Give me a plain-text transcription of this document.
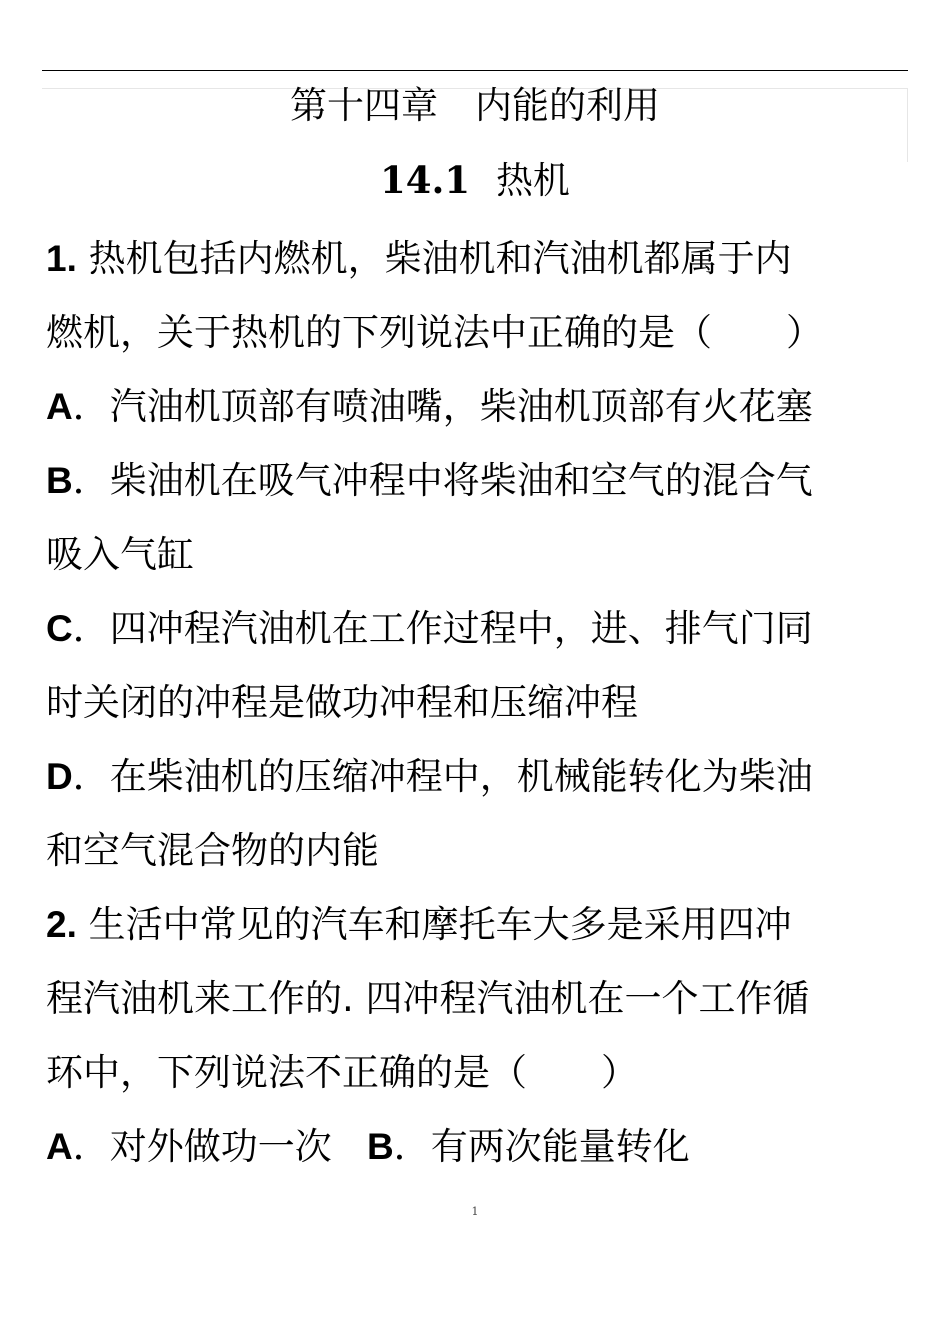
第十四章　内能的利用
14.1 热机
1. 热机包括内燃机，柴油机和汽油机都属于内
燃机，关于热机的下列说法中正确的是（　　）
A．汽油机顶部有喷油嘴，柴油机顶部有火花塞
B．柴油机在吸气冲程中将柴油和空气的混合气
吸入气缸
C．四冲程汽油机在工作过程中，进、排气门同
时关闭的冲程是做功冲程和压缩冲程
D．在柴油机的压缩冲程中，机械能转化为柴油
和空气混合物的内能
2. 生活中常见的汽车和摩托车大多是采用四冲
程汽油机来工作的. 四冲程汽油机在一个工作循
环中，下列说法不正确的是（　　）
A．对外做功一次 B．有两次能量转化
1
